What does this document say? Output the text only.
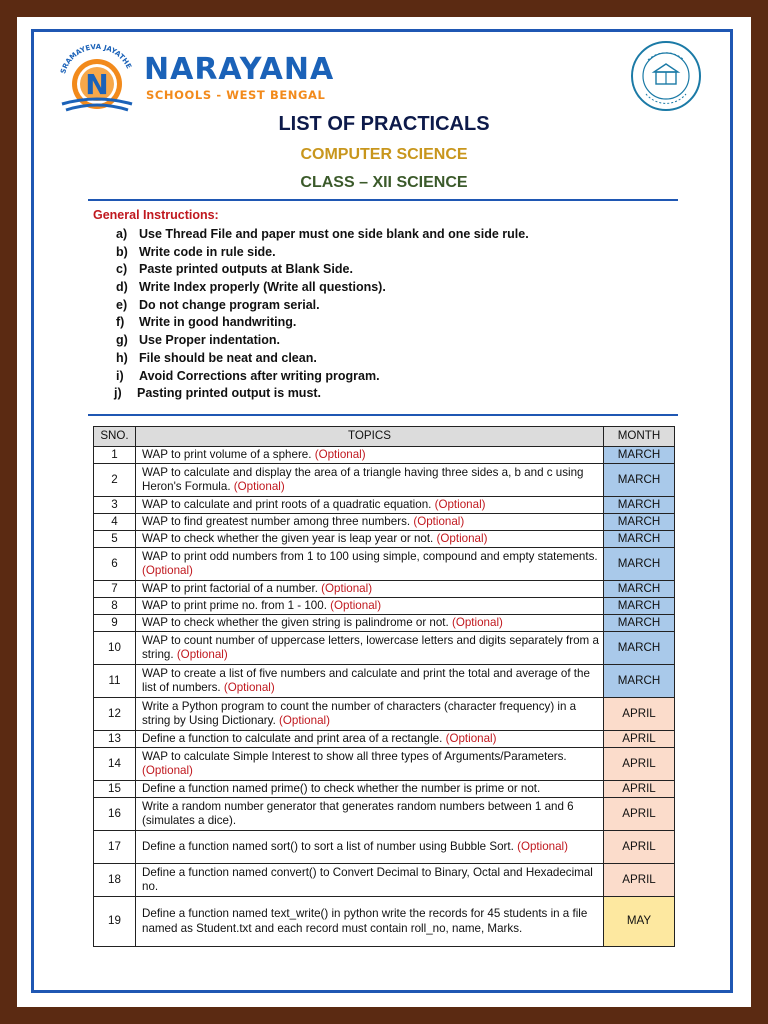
SRAMAYEVA JAYATHE
N NARAYANA
SCHOOLS - WEST BENGAL
LIST OF PRACTICALS
COMPUTER SCIENCE
CLASS – XII SCIENCE
General Instructions:
a) Use Thread File and paper must one side blank and one side rule.
b) Write code in rule side.
c) Paste printed outputs at Blank Side.
d) Write Index properly (Write all questions).
e) Do not change program serial.
f) Write in good handwriting.
g) Use Proper indentation.
h) File should be neat and clean.
i) Avoid Corrections after writing program.
j) Pasting printed output is must.
SNO.	TOPICS	MONTH
1	WAP to print volume of a sphere. (Optional)	MARCH
2	WAP to calculate and display the area of a triangle having three sides a, b and c using Heron's Formula. (Optional)	MARCH
3	WAP to calculate and print roots of a quadratic equation. (Optional)	MARCH
4	WAP to find greatest number among three numbers. (Optional)	MARCH
5	WAP to check whether the given year is leap year or not. (Optional)	MARCH
6	WAP to print odd numbers from 1 to 100 using simple, compound and empty statements. (Optional)	MARCH
7	WAP to print factorial of a number. (Optional)	MARCH
8	WAP to print prime no. from 1 - 100. (Optional)	MARCH
9	WAP to check whether the given string is palindrome or not. (Optional)	MARCH
10	WAP to count number of uppercase letters, lowercase letters and digits separately from a string. (Optional)	MARCH
11	WAP to create a list of five numbers and calculate and print the total and average of the list of numbers. (Optional)	MARCH
12	Write a Python program to count the number of characters (character frequency) in a string by Using Dictionary. (Optional)	APRIL
13	Define a function to calculate and print area of a rectangle. (Optional)	APRIL
14	WAP to calculate Simple Interest to show all three types of Arguments/Parameters. (Optional)	APRIL
15	Define a function named prime() to check whether the number is prime or not.	APRIL
16	Write a random number generator that generates random numbers between 1 and 6 (simulates a dice).	APRIL
17	Define a function named sort() to sort a list of number using Bubble Sort. (Optional)	APRIL
18	Define a function named convert() to Convert Decimal to Binary, Octal and Hexadecimal no.	APRIL
19	Define a function named text_write() in python write the records for 45 students in a file named as Student.txt and each record must contain roll_no, name, Marks.	MAY
